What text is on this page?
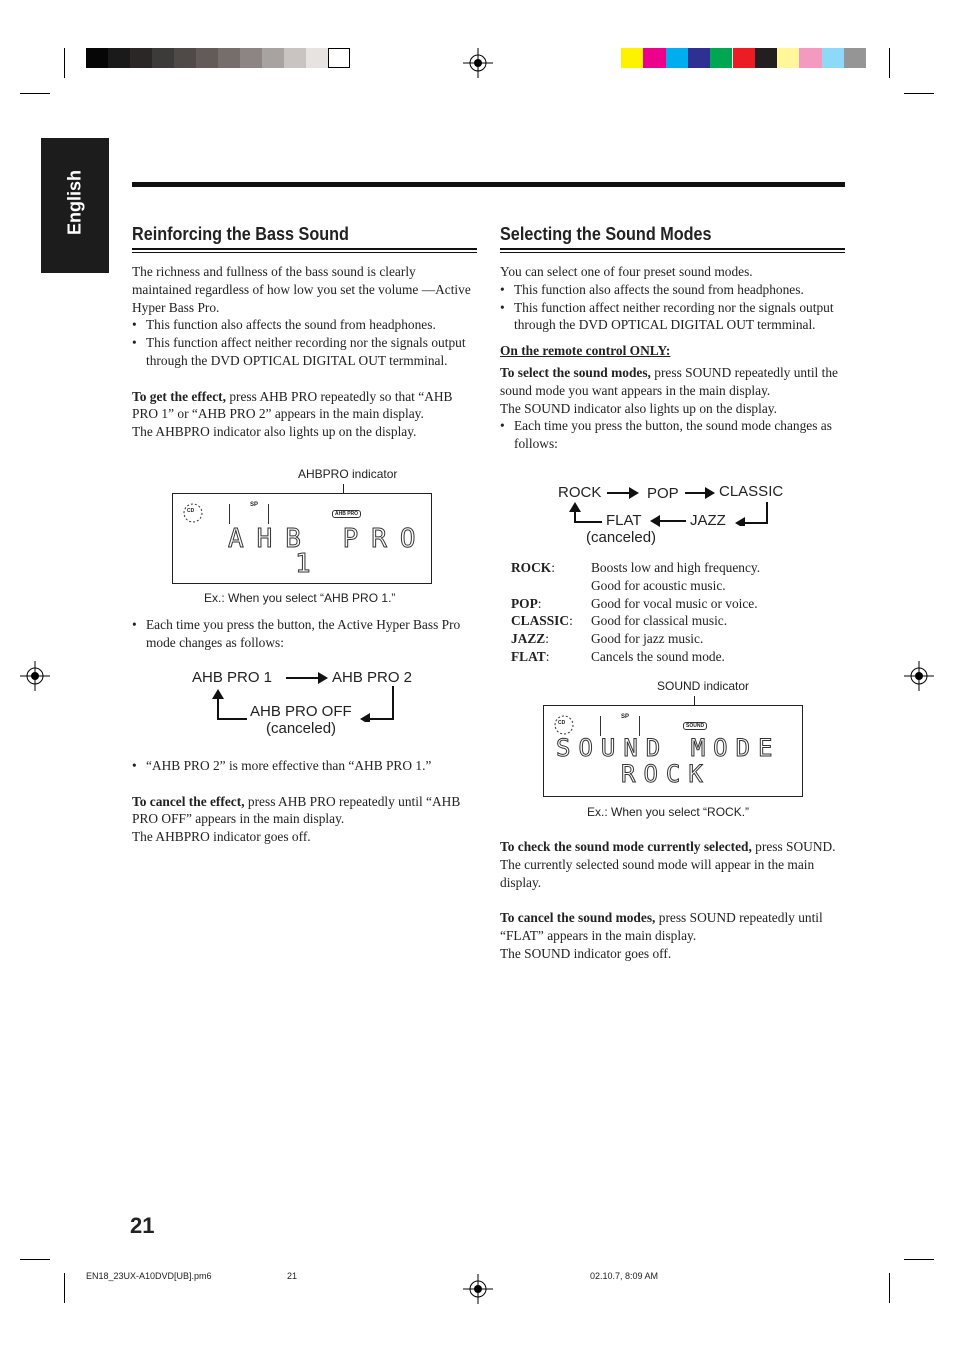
English	Reinforcing the Bass Sound
The richness and fullness of the bass sound is clearly maintained regardless of how low you set the volume —Active Hyper Bass Pro.
• This function also affects the sound from headphones.
• This function affect neither recording nor the signals output through the DVD OPTICAL DIGITAL OUT termminal.
To get the effect, press AHB PRO repeatedly so that “AHB PRO 1” or “AHB PRO 2” appears in the main display.
The AHBPRO indicator also lights up on the display.
AHBPRO indicator
CD
SP
AHB PRO
AHB PRO
1
Ex.: When you select “AHB PRO 1.”
• Each time you press the button, the Active Hyper Bass Pro mode changes as follows:
AHB PRO 1	AHB PRO 2
AHB PRO OFF
(canceled)
• “AHB PRO 2” is more effective than “AHB PRO 1.”
To cancel the effect, press AHB PRO repeatedly until “AHB PRO OFF” appears in the main display.
The AHBPRO indicator goes off.
Selecting the Sound Modes
You can select one of four preset sound modes.
• This function also affects the sound from headphones.
• This function affect neither recording nor the signals output through the DVD OPTICAL DIGITAL OUT termminal.
On the remote control ONLY:
To select the sound modes, press SOUND repeatedly until the sound mode you want appears in the main display.
The SOUND indicator also lights up on the display.
• Each time you press the button, the sound mode changes as follows:
ROCK	POP	CLASSIC
JAZZ
FLAT
(canceled)
ROCK:	Boosts low and high frequency.
	Good for acoustic music.
POP:	Good for vocal music or voice.
CLASSIC:	Good for classical music.
JAZZ:	Good for jazz music.
FLAT:	Cancels the sound mode.
SOUND indicator
CD
SP
SOUND
SOUND MODE
ROCK
Ex.: When you select “ROCK.”
To check the sound mode currently selected, press SOUND.
The currently selected sound mode will appear in the main display.
To cancel the sound modes, press SOUND repeatedly until “FLAT” appears in the main display.
The SOUND indicator goes off.
21
EN18_23UX-A10DVD[UB].pm6	21	02.10.7, 8:09 AM
